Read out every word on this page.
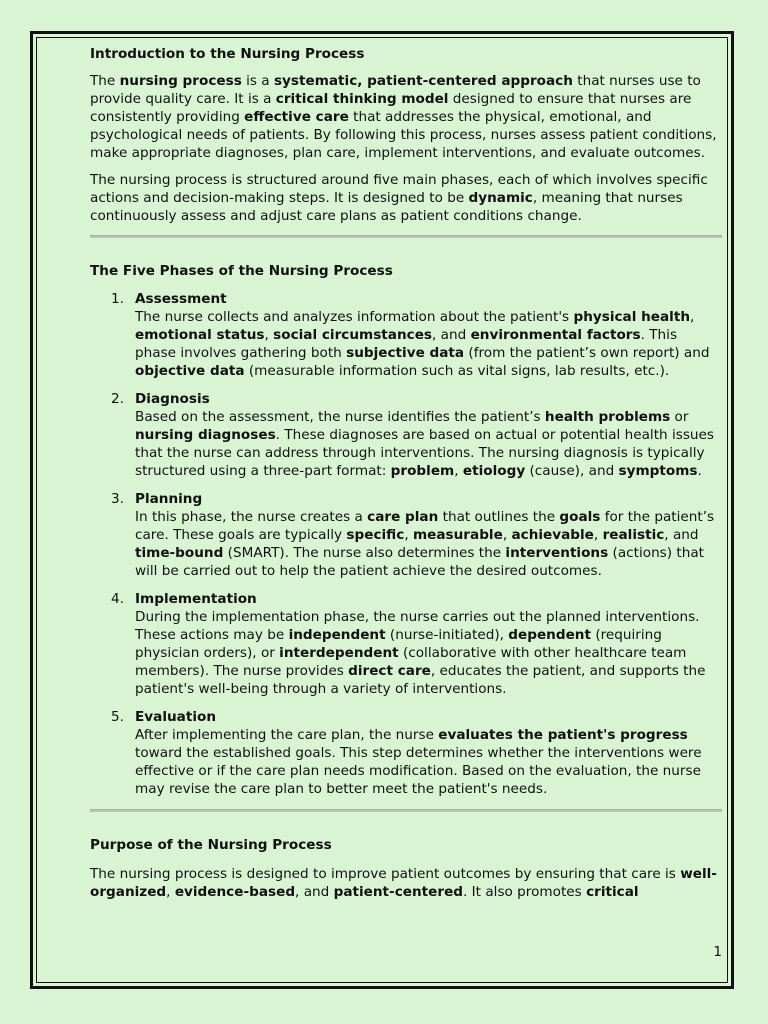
Introduction to the Nursing Process

The nursing process is a systematic, patient-centered approach that nurses use to provide quality care. It is a critical thinking model designed to ensure that nurses are consistently providing effective care that addresses the physical, emotional, and psychological needs of patients. By following this process, nurses assess patient conditions, make appropriate diagnoses, plan care, implement interventions, and evaluate outcomes.

The nursing process is structured around five main phases, each of which involves specific actions and decision-making steps. It is designed to be dynamic, meaning that nurses continuously assess and adjust care plans as patient conditions change.

The Five Phases of the Nursing Process
1. Assessment
The nurse collects and analyzes information about the patient's physical health, emotional status, social circumstances, and environmental factors. This phase involves gathering both subjective data (from the patient’s own report) and objective data (measurable information such as vital signs, lab results, etc.).
2. Diagnosis
Based on the assessment, the nurse identifies the patient’s health problems or nursing diagnoses. These diagnoses are based on actual or potential health issues that the nurse can address through interventions. The nursing diagnosis is typically structured using a three-part format: problem, etiology (cause), and symptoms.
3. Planning
In this phase, the nurse creates a care plan that outlines the goals for the patient’s care. These goals are typically specific, measurable, achievable, realistic, and time-bound (SMART). The nurse also determines the interventions (actions) that will be carried out to help the patient achieve the desired outcomes.
4. Implementation
During the implementation phase, the nurse carries out the planned interventions. These actions may be independent (nurse-initiated), dependent (requiring physician orders), or interdependent (collaborative with other healthcare team members). The nurse provides direct care, educates the patient, and supports the patient's well-being through a variety of interventions.
5. Evaluation
After implementing the care plan, the nurse evaluates the patient's progress toward the established goals. This step determines whether the interventions were effective or if the care plan needs modification. Based on the evaluation, the nurse may revise the care plan to better meet the patient's needs.
Purpose of the Nursing Process

The nursing process is designed to improve patient outcomes by ensuring that care is well-organized, evidence-based, and patient-centered. It also promotes critical

1
